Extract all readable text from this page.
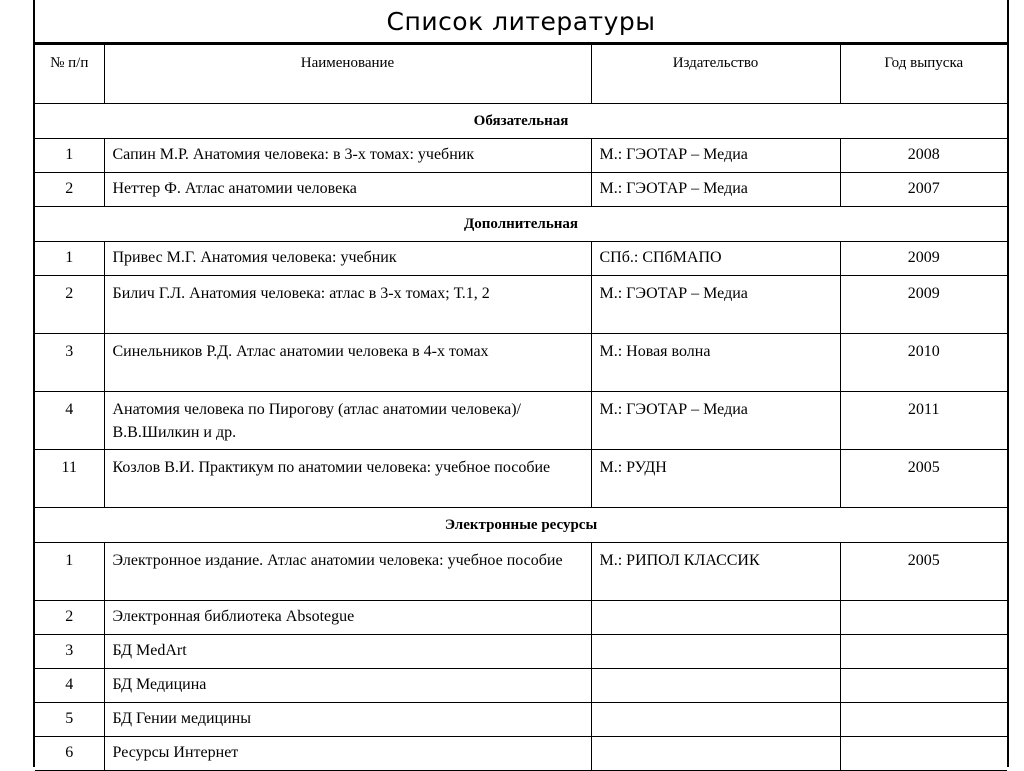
Список литературы
№ п/п	Наименование	Издательство	Год выпуска
Обязательная			
1	Сапин М.Р. Анатомия человека: в 3-х томах: учебник	М.: ГЭОТАР – Медиа	2008
2	Неттер Ф. Атлас анатомии человека	М.: ГЭОТАР – Медиа	2007
Дополнительная			
1	Привес М.Г. Анатомия человека: учебник	СПб.: СПбМАПО	2009
2	Билич Г.Л. Анатомия человека: атлас в 3-х томах; Т.1, 2	М.: ГЭОТАР – Медиа	2009
3	Синельников Р.Д. Атлас анатомии человека в 4-х томах	М.: Новая волна	2010
4	Анатомия человека по Пирогову (атлас анатомии человека)/ В.В.Шилкин и др.	М.: ГЭОТАР – Медиа	2011
11	Козлов В.И. Практикум по анатомии человека: учебное пособие	М.: РУДН	2005
Электронные ресурсы			
1	Электронное издание. Атлас анатомии человека: учебное пособие	М.: РИПОЛ КЛАССИК	2005
2	Электронная библиотека Absotegue		
3	БД MedArt		
4	БД Медицина		
5	БД Гении медицины		
6	Ресурсы Интернет		
